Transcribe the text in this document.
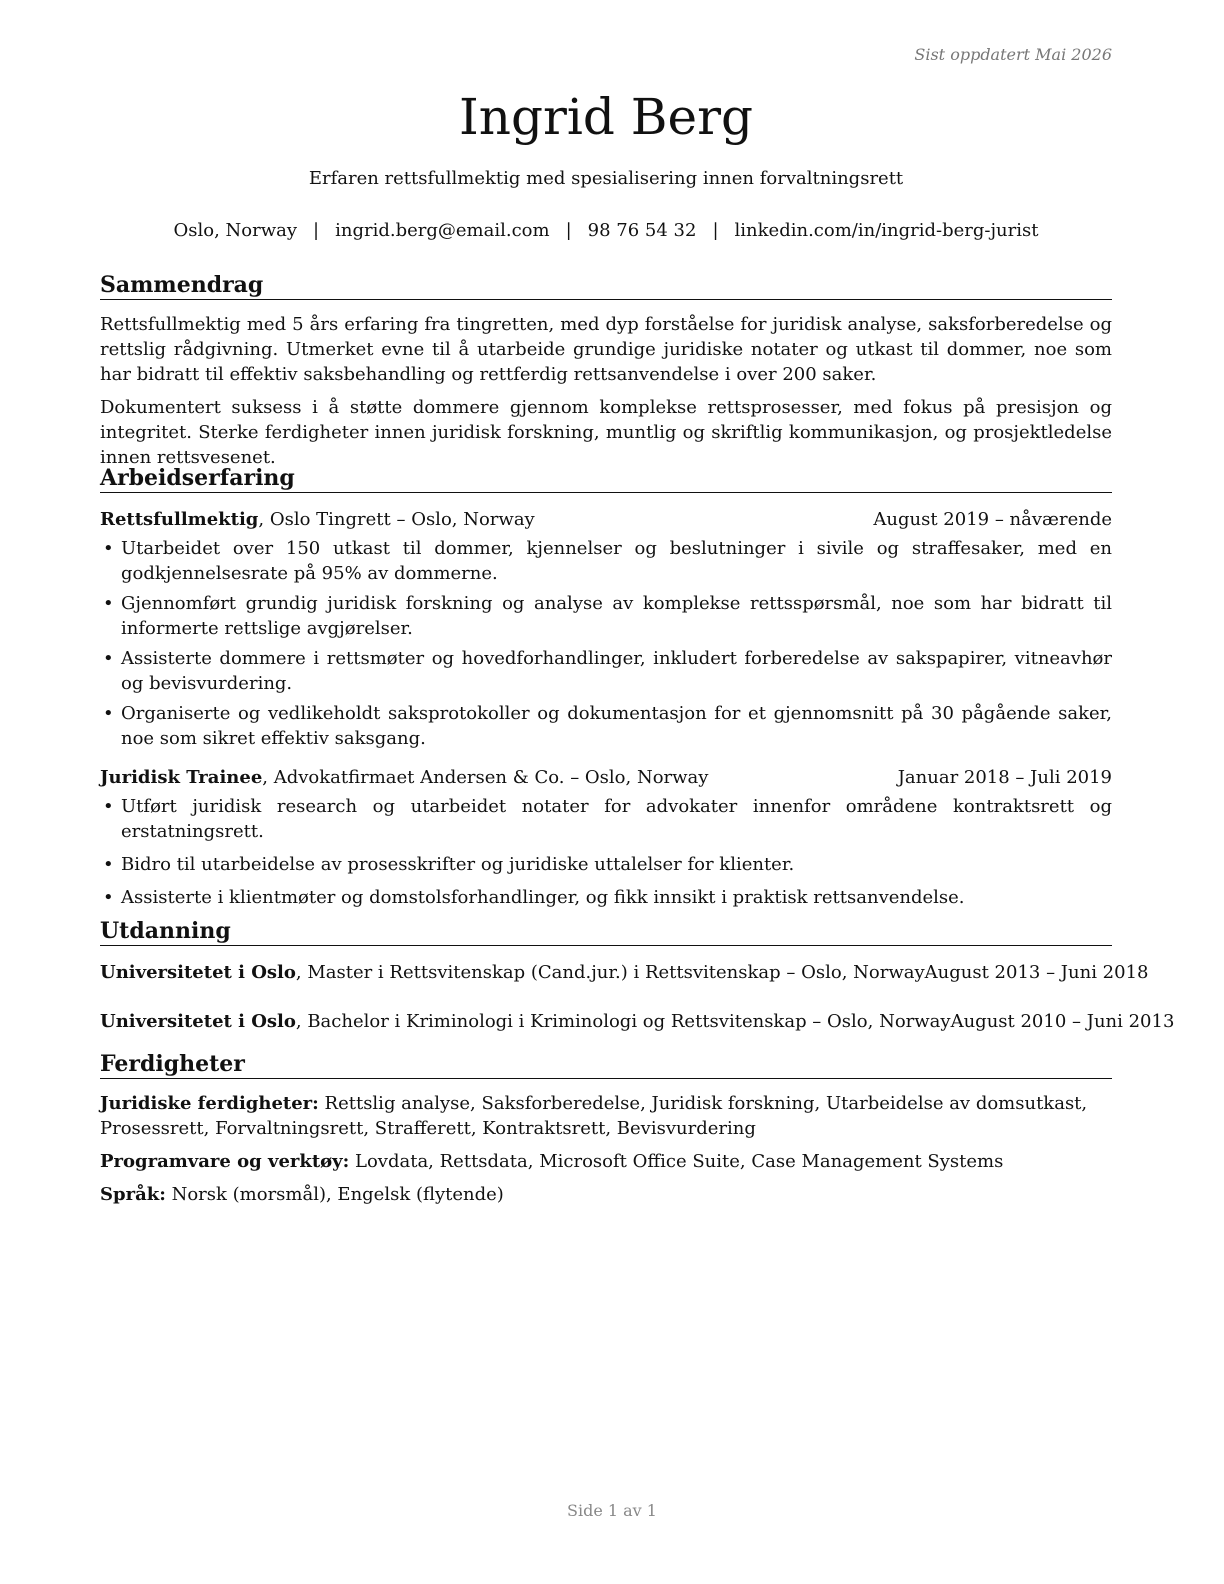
Sist oppdatert Mai 2026
Ingrid Berg
Erfaren rettsfullmektig med spesialisering innen forvaltningsrett
Oslo, Norway | ingrid.berg@email.com | 98 76 54 32 | linkedin.com/in/ingrid-berg-jurist
Sammendrag

Rettsfullmektig med 5 års erfaring fra tingretten, med dyp forståelse for juridisk analyse, saksforberedelse og rettslig rådgivning. Utmerket evne til å utarbeide grundige juridiske notater og utkast til dommer, noe som har bidratt til effektiv saksbehandling og rettferdig rettsanvendelse i over 200 saker.

Dokumentert suksess i å støtte dommere gjennom komplekse rettsprosesser, med fokus på presisjon og integritet. Sterke ferdigheter innen juridisk forskning, muntlig og skriftlig kommunikasjon, og prosjektledelse innen rettsvesenet.

Arbeidserfaring
Rettsfullmektig, Oslo Tingrett – Oslo, Norway	August 2019 – nåværende
• Utarbeidet over 150 utkast til dommer, kjennelser og beslutninger i sivile og straffesaker, med en godkjennelsesrate på 95% av dommerne.
• Gjennomført grundig juridisk forskning og analyse av komplekse rettsspørsmål, noe som har bidratt til informerte rettslige avgjørelser.
• Assisterte dommere i rettsmøter og hovedforhandlinger, inkludert forberedelse av sakspapirer, vitneavhør og bevisvurdering.
• Organiserte og vedlikeholdt saksprotokoller og dokumentasjon for et gjennomsnitt på 30 pågående saker, noe som sikret effektiv saksgang.
Juridisk Trainee, Advokatfirmaet Andersen & Co. – Oslo, Norway	Januar 2018 – Juli 2019
• Utført juridisk research og utarbeidet notater for advokater innenfor områdene kontraktsrett og erstatningsrett.
• Bidro til utarbeidelse av prosesskrifter og juridiske uttalelser for klienter.
• Assisterte i klientmøter og domstolsforhandlinger, og fikk innsikt i praktisk rettsanvendelse.
Utdanning
Universitetet i Oslo, Master i Rettsvitenskap (Cand.jur.) i Rettsvitenskap – Oslo, Norway August 2013 – Juni 2018
Universitetet i Oslo, Bachelor i Kriminologi i Kriminologi og Rettsvitenskap – Oslo, Norway August 2010 – Juni 2013
Ferdigheter
Juridiske ferdigheter: Rettslig analyse, Saksforberedelse, Juridisk forskning, Utarbeidelse av domsutkast, Prosessrett, Forvaltningsrett, Strafferett, Kontraktsrett, Bevisvurdering
Programvare og verktøy: Lovdata, Rettsdata, Microsoft Office Suite, Case Management Systems
Språk: Norsk (morsmål), Engelsk (flytende)
Side 1 av 1
